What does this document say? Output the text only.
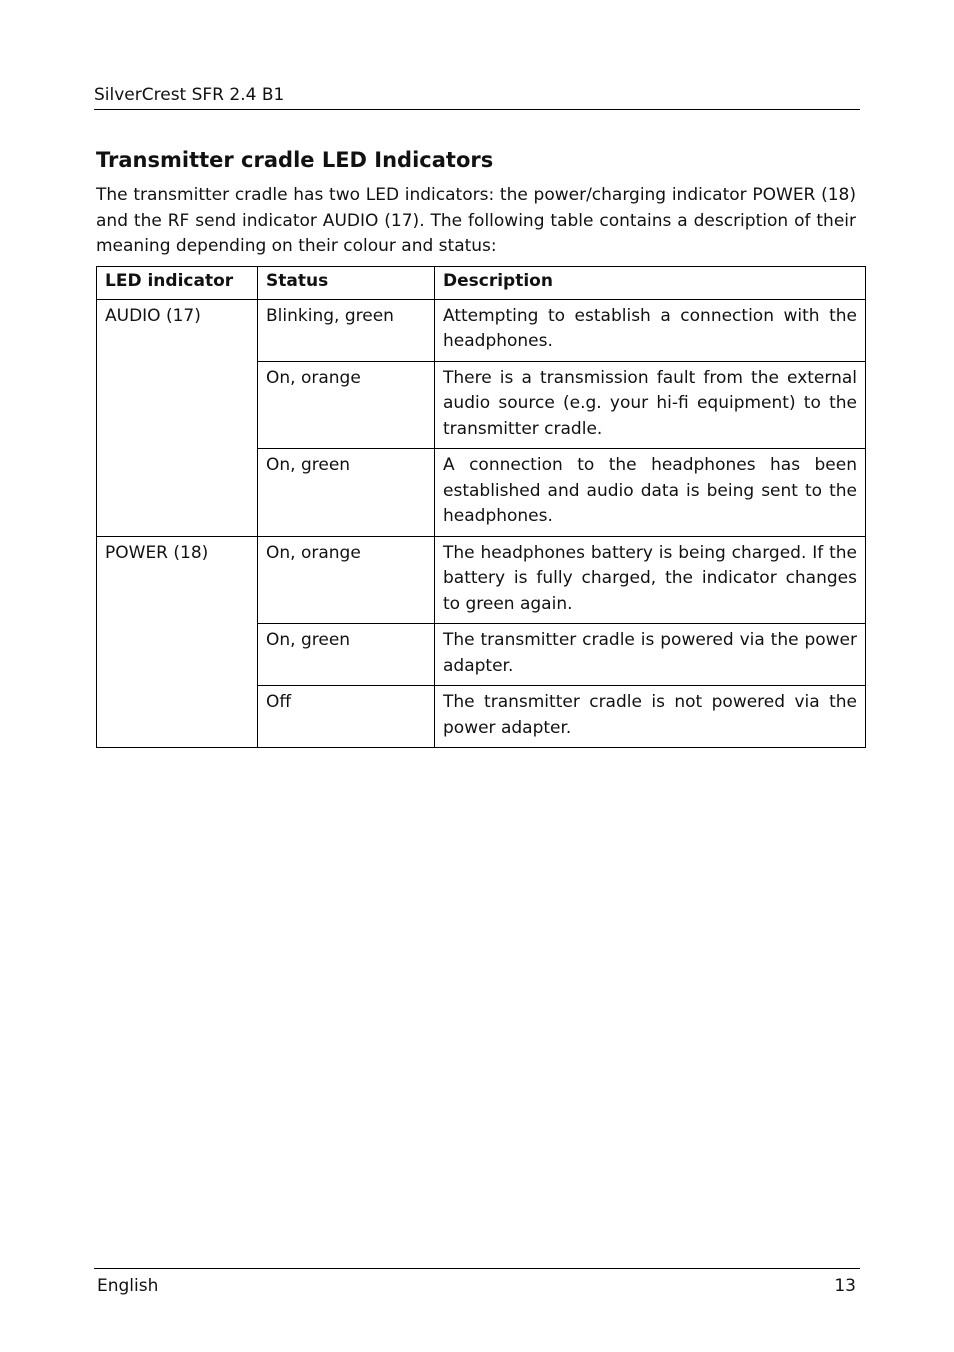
SilverCrest SFR 2.4 B1
Transmitter cradle LED Indicators

The transmitter cradle has two LED indicators: the power/charging indicator POWER (18) and the RF send indicator AUDIO (17). The following table contains a description of their meaning depending on their colour and status:

LED indicator	Status	Description
AUDIO (17)	Blinking, green	Attempting to establish a connection with the headphones.
	On, orange	There is a transmission fault from the external audio source (e.g. your hi-fi equipment) to the transmitter cradle.
	On, green	A connection to the headphones has been established and audio data is being sent to the headphones.
POWER (18)	On, orange	The headphones battery is being charged. If the battery is fully charged, the indicator changes to green again.
	On, green	The transmitter cradle is powered via the power adapter.
	Off	The transmitter cradle is not powered via the power adapter.
English	13
